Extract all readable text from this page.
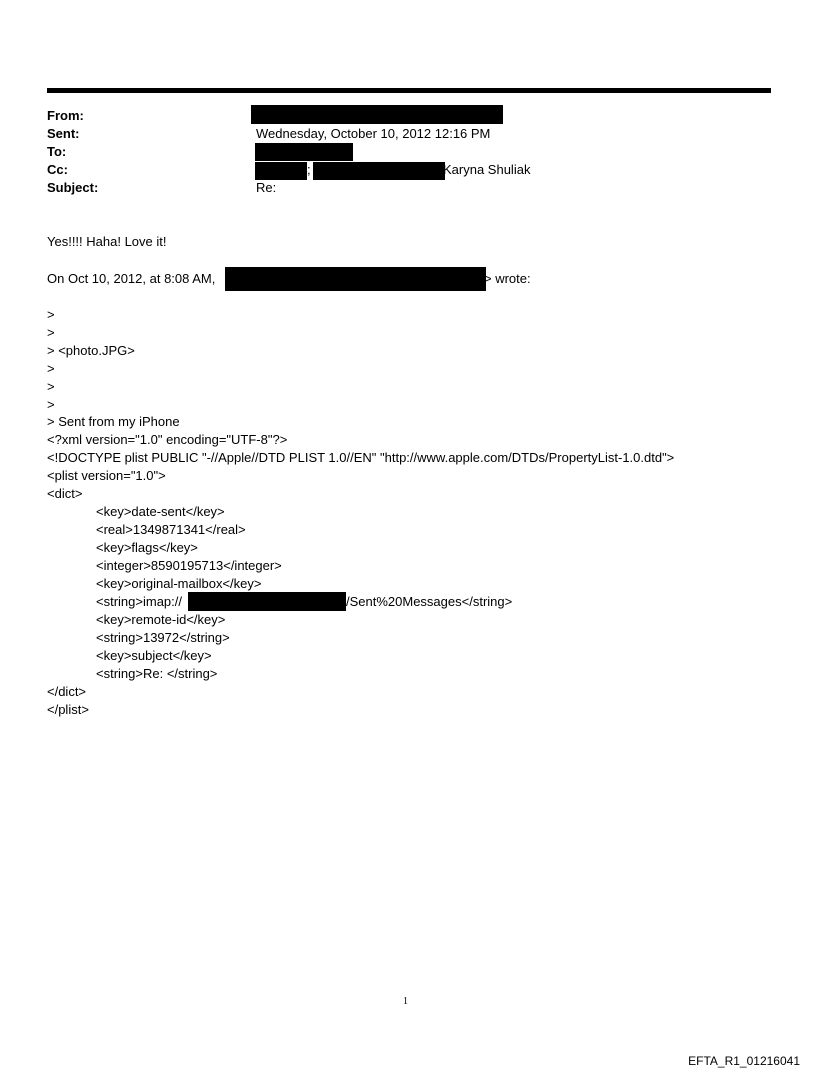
From:
Sent:	Wednesday, October 10, 2012 12:16 PM
To:
Cc:	;	Karyna Shuliak
Subject:	Re:
Yes!!!! Haha! Love it!
On Oct 10, 2012, at 8:08 AM,	> wrote:
>
>
> <photo.JPG>
>
>
>
> Sent from my iPhone
<?xml version="1.0" encoding="UTF-8"?>
<!DOCTYPE plist PUBLIC "-//Apple//DTD PLIST 1.0//EN" "http://www.apple.com/DTDs/PropertyList-1.0.dtd">
<plist version="1.0">
<dict>
<key>date-sent</key>
<real>1349871341</real>
<key>flags</key>
<integer>8590195713</integer>
<key>original-mailbox</key>
<string>imap://	/Sent%20Messages</string>
<key>remote-id</key>
<string>13972</string>
<key>subject</key>
<string>Re: </string>
</dict>
</plist>
1
EFTA_R1_01216041
